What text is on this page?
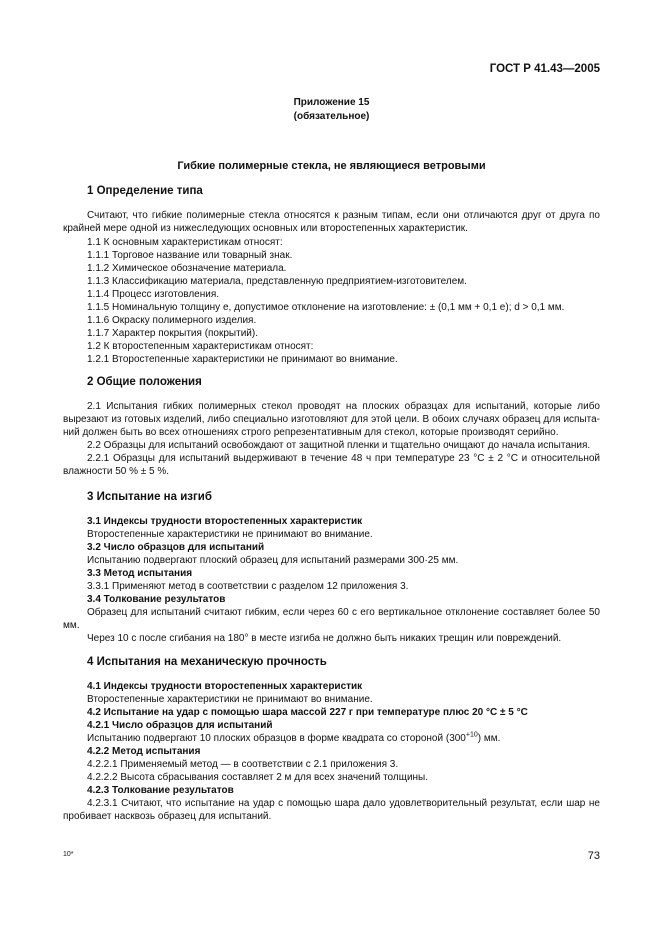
ГОСТ Р 41.43—2005
Приложение 15
(обязательное)
Гибкие полимерные стекла, не являющиеся ветровыми
1 Определение типа
Считают, что гибкие полимерные стекла относятся к разным типам, если они отличаются друг от друга по крайней мере одной из нижеследующих основных или второстепенных характеристик.
1.1 К основным характеристикам относят:
1.1.1 Торговое название или товарный знак.
1.1.2 Химическое обозначение материала.
1.1.3 Классификацию материала, представленную предприятием-изготовителем.
1.1.4 Процесс изготовления.
1.1.5 Номинальную толщину e, допустимое отклонение на изготовление: ± (0,1 мм + 0,1 e); d > 0,1 мм.
1.1.6 Окраску полимерного изделия.
1.1.7 Характер покрытия (покрытий).
1.2 К второстепенным характеристикам относят:
1.2.1 Второстепенные характеристики не принимают во внимание.
2 Общие положения
2.1 Испытания гибких полимерных стекол проводят на плоских образцах для испытаний, которые либо вырезают из готовых изделий, либо специально изготовляют для этой цели. В обоих случаях образец для испытаний должен быть во всех отношениях строго репрезентативным для стекол, которые производят серийно.
2.2 Образцы для испытаний освобождают от защитной пленки и тщательно очищают до начала испытания.
2.2.1 Образцы для испытаний выдерживают в течение 48 ч при температуре 23 °С ± 2 °С и относительной влажности 50 % ± 5 %.
3 Испытание на изгиб
3.1 Индексы трудности второстепенных характеристик
Второстепенные характеристики не принимают во внимание.
3.2 Число образцов для испытаний
Испытанию подвергают плоский образец для испытаний размерами 300·25 мм.
3.3 Метод испытания
3.3.1 Применяют метод в соответствии с разделом 12 приложения 3.
3.4 Толкование результатов
Образец для испытаний считают гибким, если через 60 с его вертикальное отклонение составляет более 50 мм.
Через 10 с после сгибания на 180° в месте изгиба не должно быть никаких трещин или повреждений.
4 Испытания на механическую прочность
4.1 Индексы трудности второстепенных характеристик
Второстепенные характеристики не принимают во внимание.
4.2 Испытание на удар с помощью шара массой 227 г при температуре плюс 20 °С ± 5 °С
4.2.1 Число образцов для испытаний
Испытанию подвергают 10 плоских образцов в форме квадрата со стороной $(300^{+10})$ мм.
4.2.2 Метод испытания
4.2.2.1 Применяемый метод — в соответствии с 2.1 приложения 3.
4.2.2.2 Высота сбрасывания составляет 2 м для всех значений толщины.
4.2.3 Толкование результатов
4.2.3.1 Считают, что испытание на удар с помощью шара дало удовлетворительный результат, если шар не пробивает насквозь образец для испытаний.
10*	73
